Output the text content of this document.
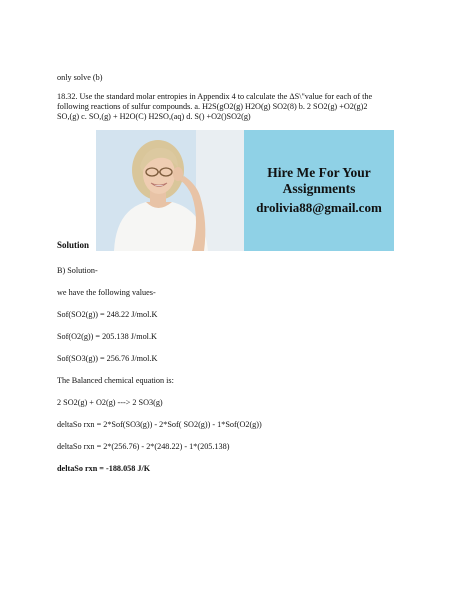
only solve (b)
18.32. Use the standard molar entropies in Appendix 4 to calculate the ΔS\"value for each of the
following reactions of sulfur compounds. a. H2S(gO2(g) H2O(g) SO2(8) b. 2 SO2(g) +O2(g)2
SO,(g) c. SO,(g) + H2O(C) H2SO,(aq) d. S() +O2()SO2(g)
Hire Me For Your
Assignments
drolivia88@gmail.com
Solution
B) Solution-
we have the following values-
Sof(SO2(g)) = 248.22 J/mol.K
Sof(O2(g)) = 205.138 J/mol.K
Sof(SO3(g)) = 256.76 J/mol.K
The Balanced chemical equation is:
2 SO2(g) + O2(g) ---> 2 SO3(g)
deltaSo rxn = 2*Sof(SO3(g)) - 2*Sof( SO2(g)) - 1*Sof(O2(g))
deltaSo rxn = 2*(256.76) - 2*(248.22) - 1*(205.138)
deltaSo rxn = -188.058 J/K
